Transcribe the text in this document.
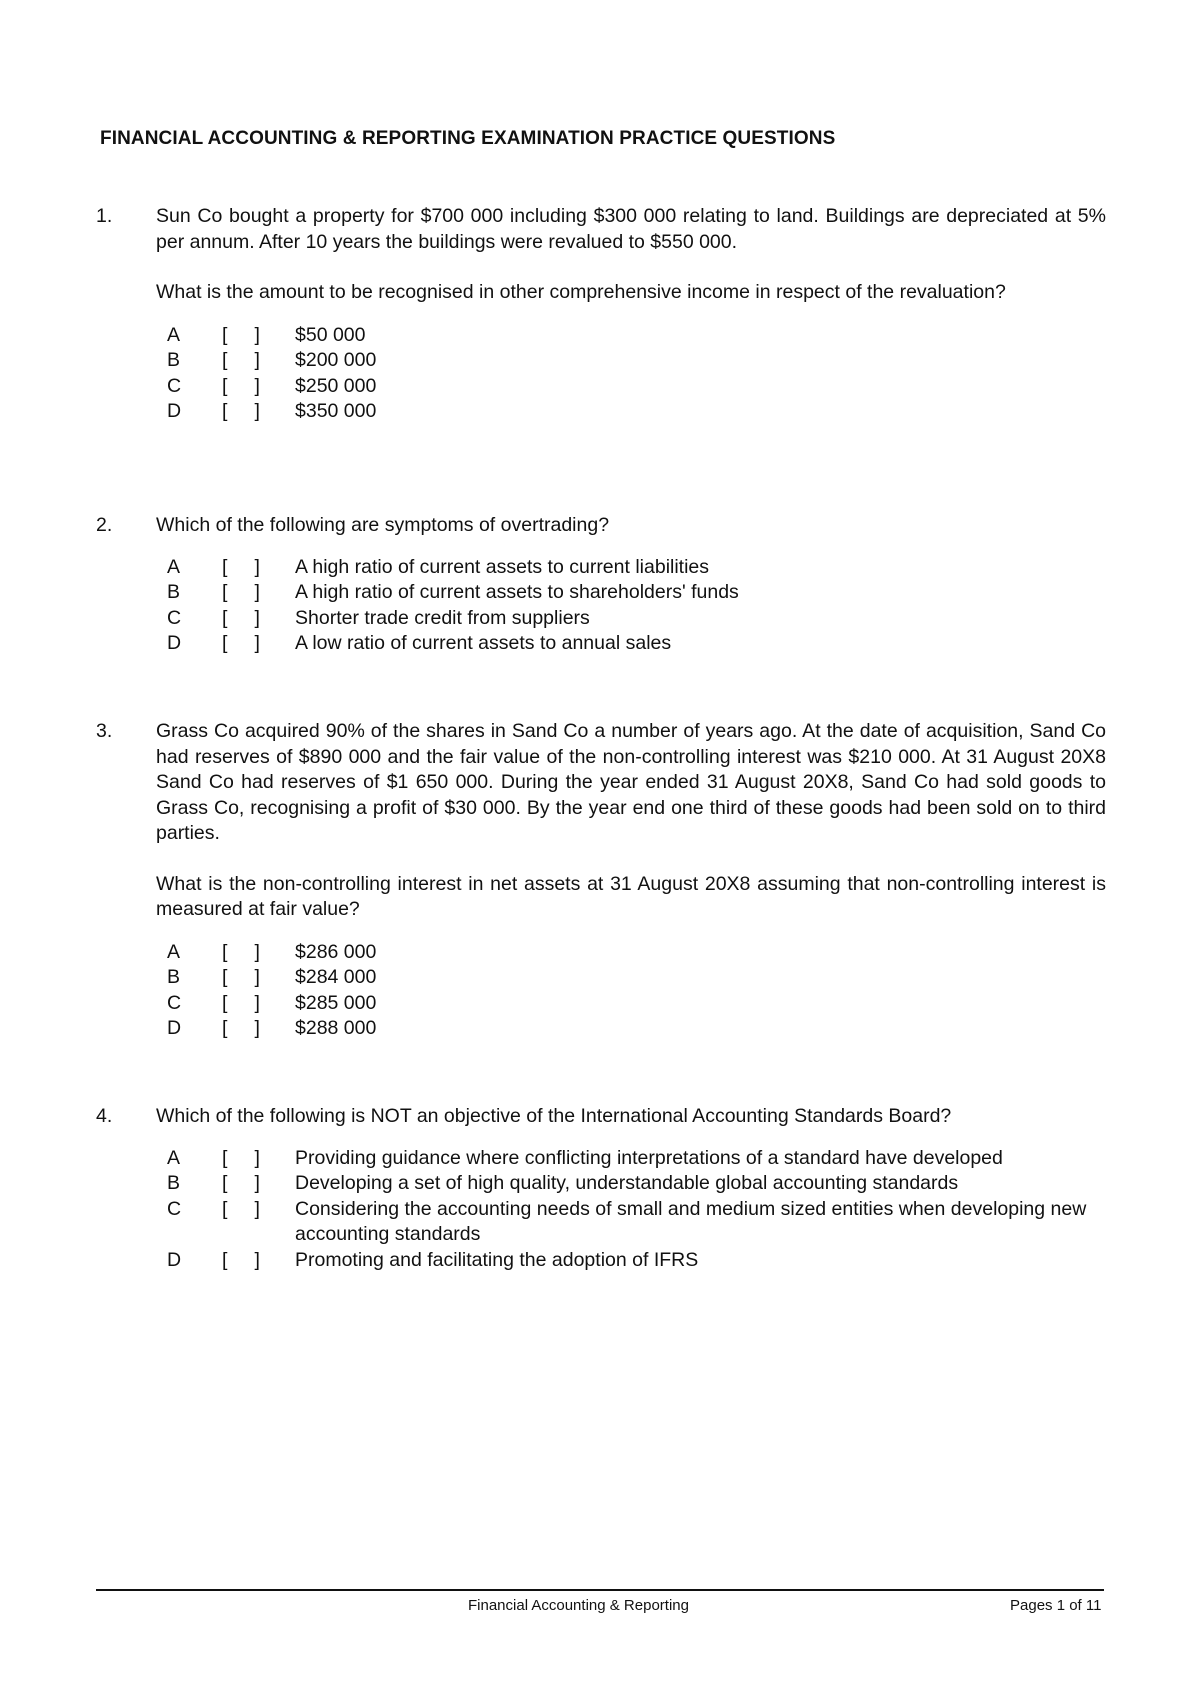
FINANCIAL ACCOUNTING & REPORTING EXAMINATION PRACTICE QUESTIONS
1.	Sun Co bought a property for $700 000 including $300 000 relating to land. Buildings are depreciated at 5% per annum. After 10 years the buildings were revalued to $550 000.
What is the amount to be recognised in other comprehensive income in respect of the revaluation?
A	[     ]	$50 000
B	[     ]	$200 000
C	[     ]	$250 000
D	[     ]	$350 000
2.	Which of the following are symptoms of overtrading?
A	[     ]	A high ratio of current assets to current liabilities
B	[     ]	A high ratio of current assets to shareholders' funds
C	[     ]	Shorter trade credit from suppliers
D	[     ]	A low ratio of current assets to annual sales
3.	Grass Co acquired 90% of the shares in Sand Co a number of years ago. At the date of acquisition, Sand Co had reserves of $890 000 and the fair value of the non-controlling interest was $210 000. At 31 August 20X8 Sand Co had reserves of $1 650 000. During the year ended 31 August 20X8, Sand Co had sold goods to Grass Co, recognising a profit of $30 000. By the year end one third of these goods had been sold on to third parties.
What is the non-controlling interest in net assets at 31 August 20X8 assuming that non-controlling interest is measured at fair value?
A	[     ]	$286 000
B	[     ]	$284 000
C	[     ]	$285 000
D	[     ]	$288 000
4.	Which of the following is NOT an objective of the International Accounting Standards Board?
A	[     ]	Providing guidance where conflicting interpretations of a standard have developed
B	[     ]	Developing a set of high quality, understandable global accounting standards
C	[     ]	Considering the accounting needs of small and medium sized entities when developing new accounting standards
D	[     ]	Promoting and facilitating the adoption of IFRS
Financial Accounting & Reporting	Pages 1 of 11
